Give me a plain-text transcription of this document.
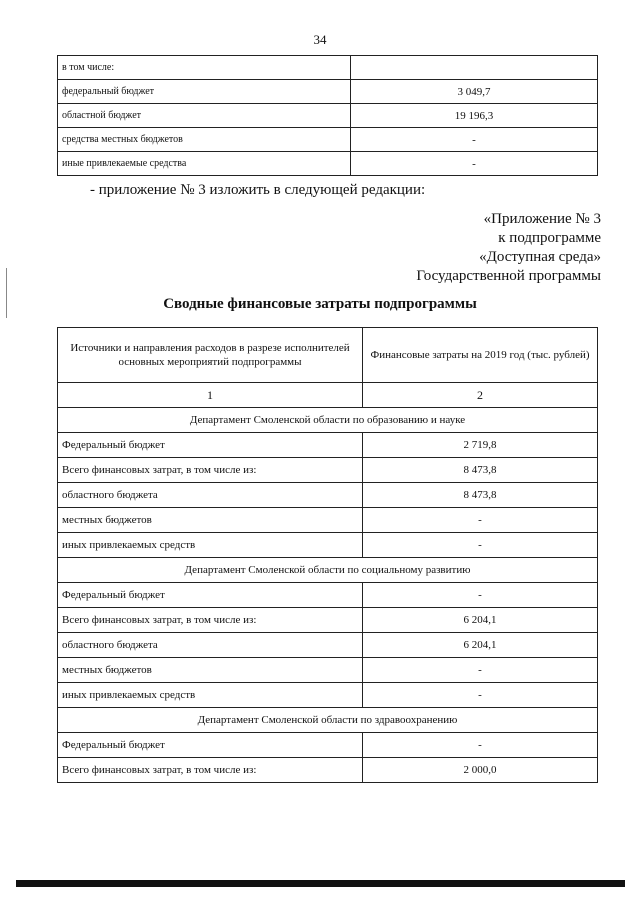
34
в том числе:	
федеральный бюджет	3 049,7
областной бюджет	19 196,3
средства местных бюджетов	-
иные привлекаемые средства	-
- приложение № 3 изложить в следующей редакции:
«Приложение № 3
к подпрограмме
«Доступная среда»
Государственной программы
Сводные финансовые затраты подпрограммы
Источники и направления расходов в разрезе исполнителей основных мероприятий подпрограммы	Финансовые затраты на 2019 год (тыс. рублей)
1	2
Департамент Смоленской области по образованию и науке	
Федеральный бюджет	2 719,8
Всего финансовых затрат, в том числе из:	8 473,8
областного бюджета	8 473,8
местных бюджетов	-
иных привлекаемых средств	-
Департамент Смоленской области по социальному развитию	
Федеральный бюджет	-
Всего финансовых затрат, в том числе из:	6 204,1
областного бюджета	6 204,1
местных бюджетов	-
иных привлекаемых средств	-
Департамент Смоленской области по здравоохранению	
Федеральный бюджет	-
Всего финансовых затрат, в том числе из:	2 000,0
